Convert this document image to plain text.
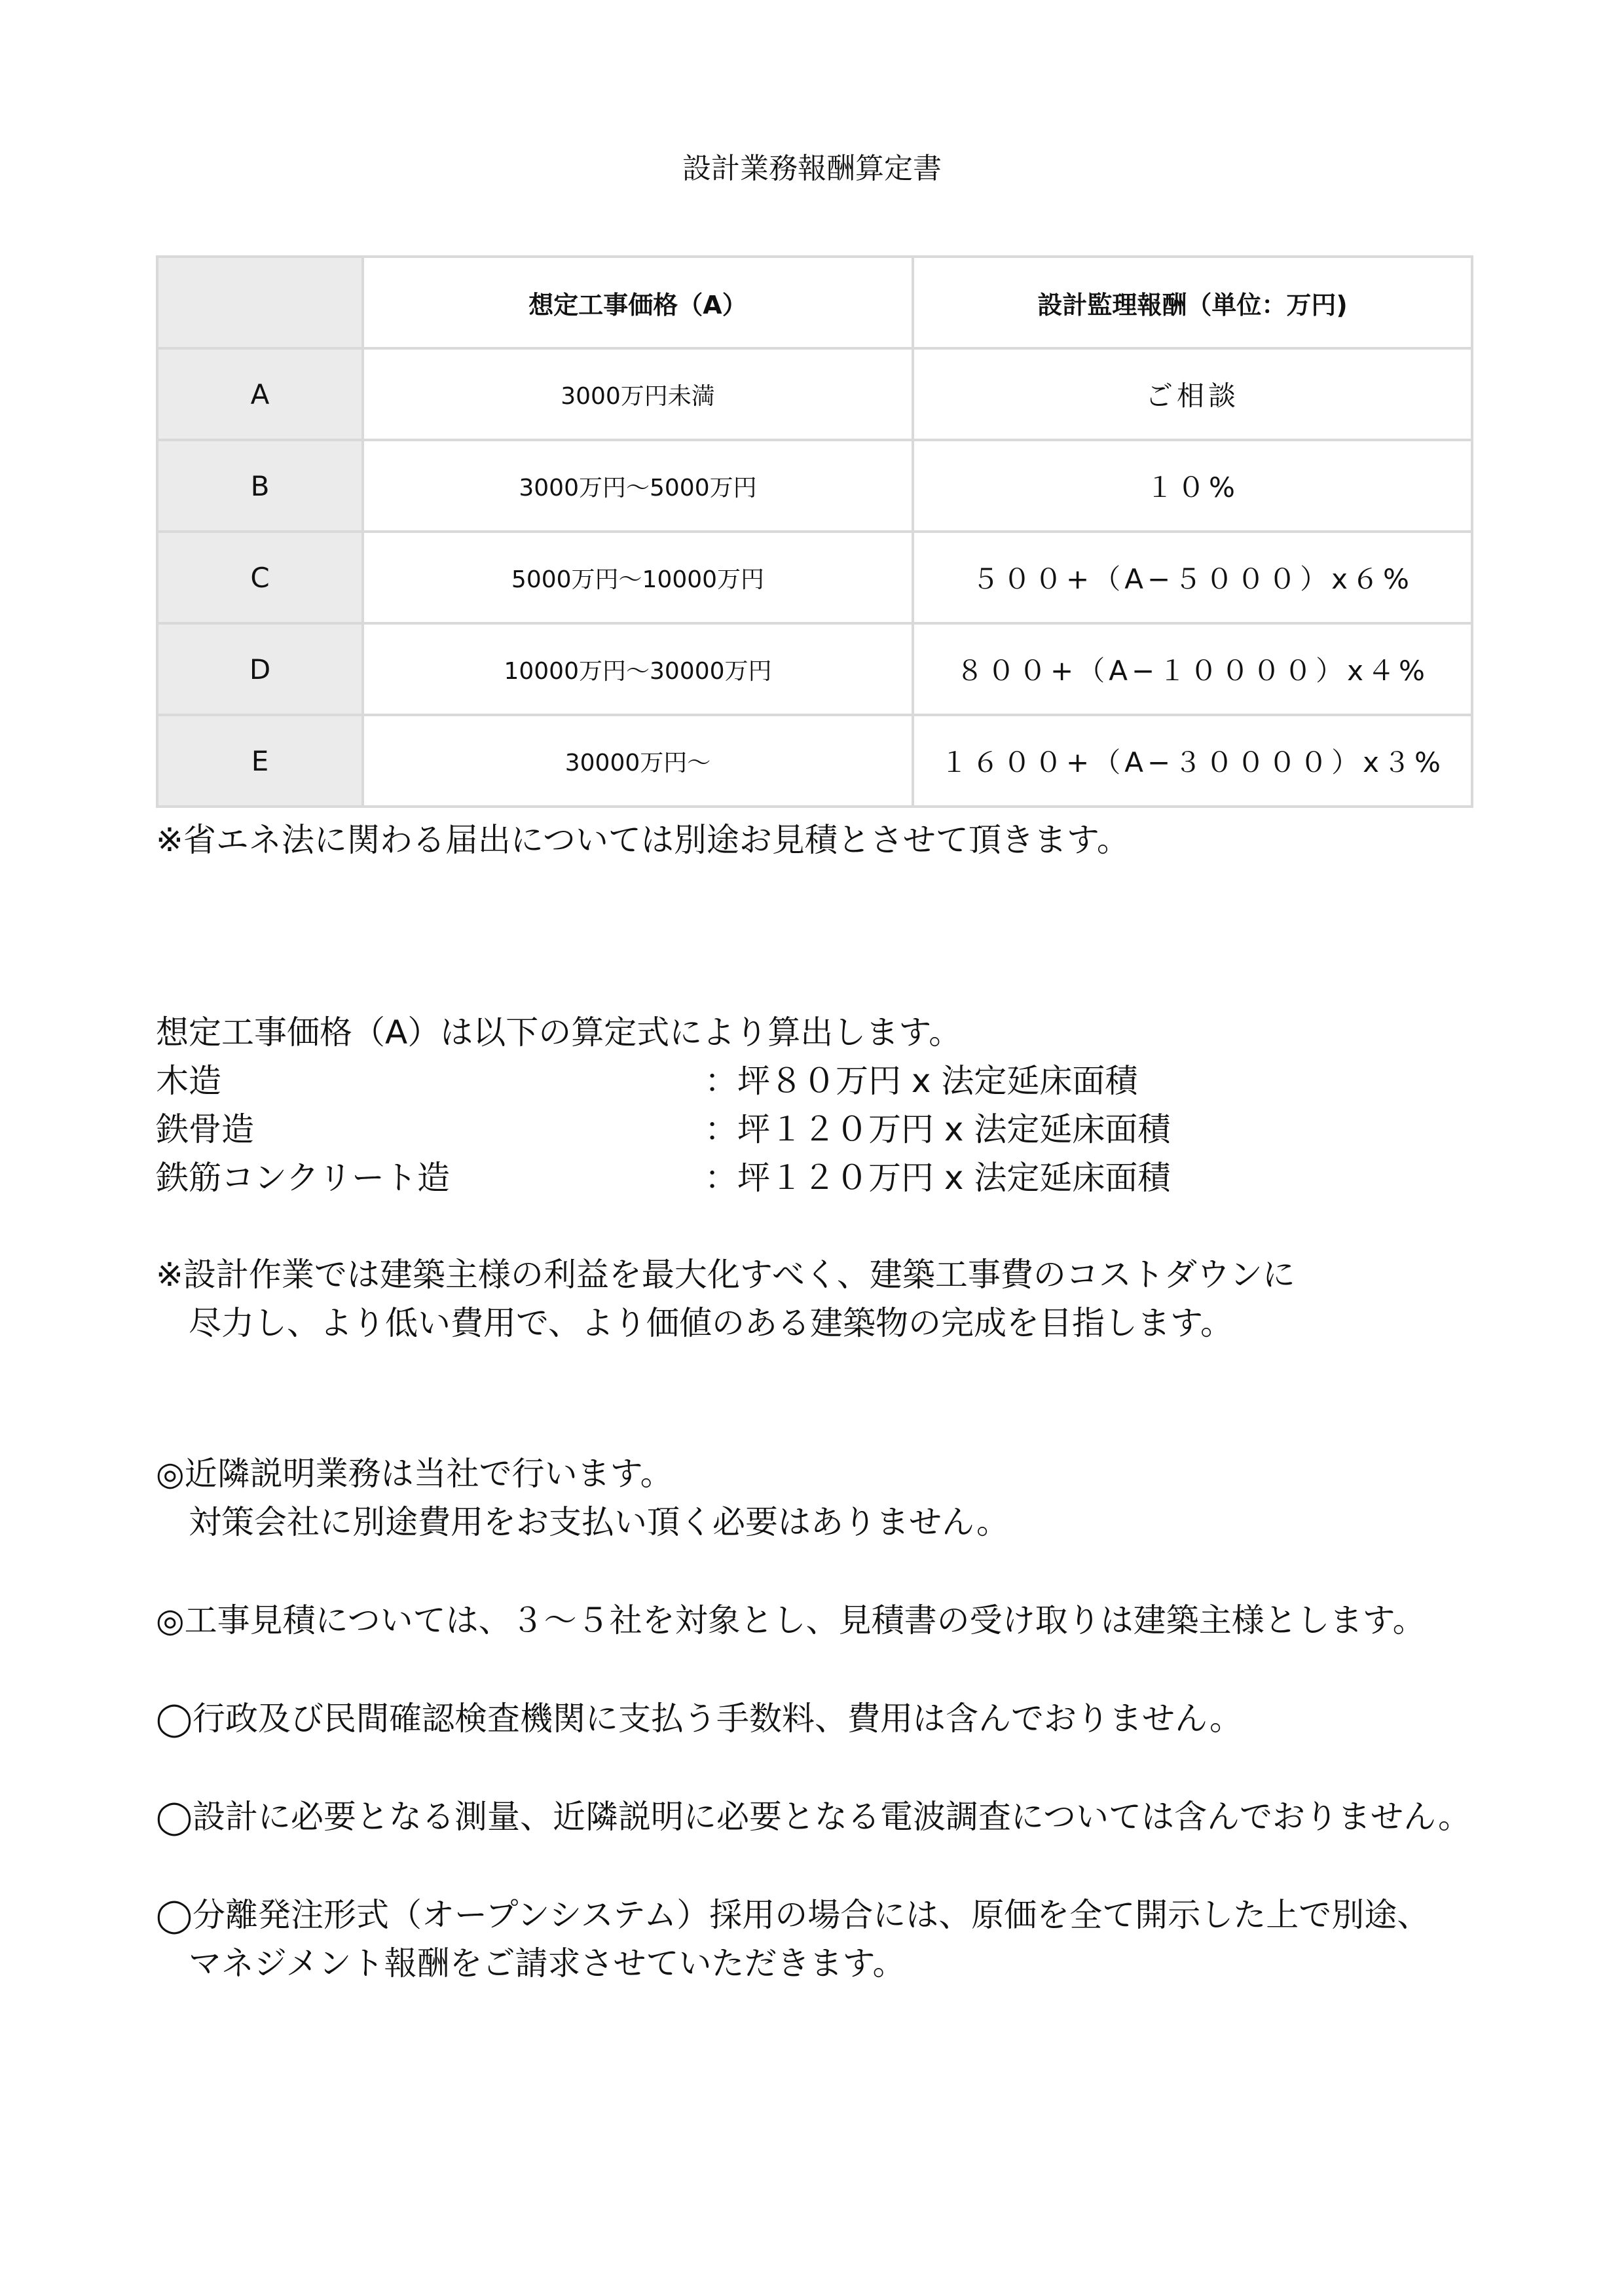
設計業務報酬算定書
	想定工事価格（A）	設計監理報酬（単位：万円)
A	3000万円未満	ご相談
B	3000万円〜5000万円	１０%
C	5000万円〜10000万円	５００+（A−５０００）x６%
D	10000万円〜30000万円	８００+（A−１００００）x４%
E	30000万円〜	１６００+（A−３００００）x３%
※省エネ法に関わる届出については別途お見積とさせて頂きます。
想定工事価格（A）は以下の算定式により算出します。
木造	：坪８０万円 x 法定延床面積
鉄骨造	：坪１２０万円 x 法定延床面積
鉄筋コンクリート造	：坪１２０万円 x 法定延床面積
※設計作業では建築主様の利益を最大化すべく、建築工事費のコストダウンに
尽力し、より低い費用で、より価値のある建築物の完成を目指します。
◎近隣説明業務は当社で行います。
対策会社に別途費用をお支払い頂く必要はありません。
◎工事見積については、３〜５社を対象とし、見積書の受け取りは建築主様とします。
◯行政及び民間確認検査機関に支払う手数料、費用は含んでおりません。
◯設計に必要となる測量、近隣説明に必要となる電波調査については含んでおりません。
◯分離発注形式（オープンシステム）採用の場合には、原価を全て開示した上で別途、
マネジメント報酬をご請求させていただきます。
